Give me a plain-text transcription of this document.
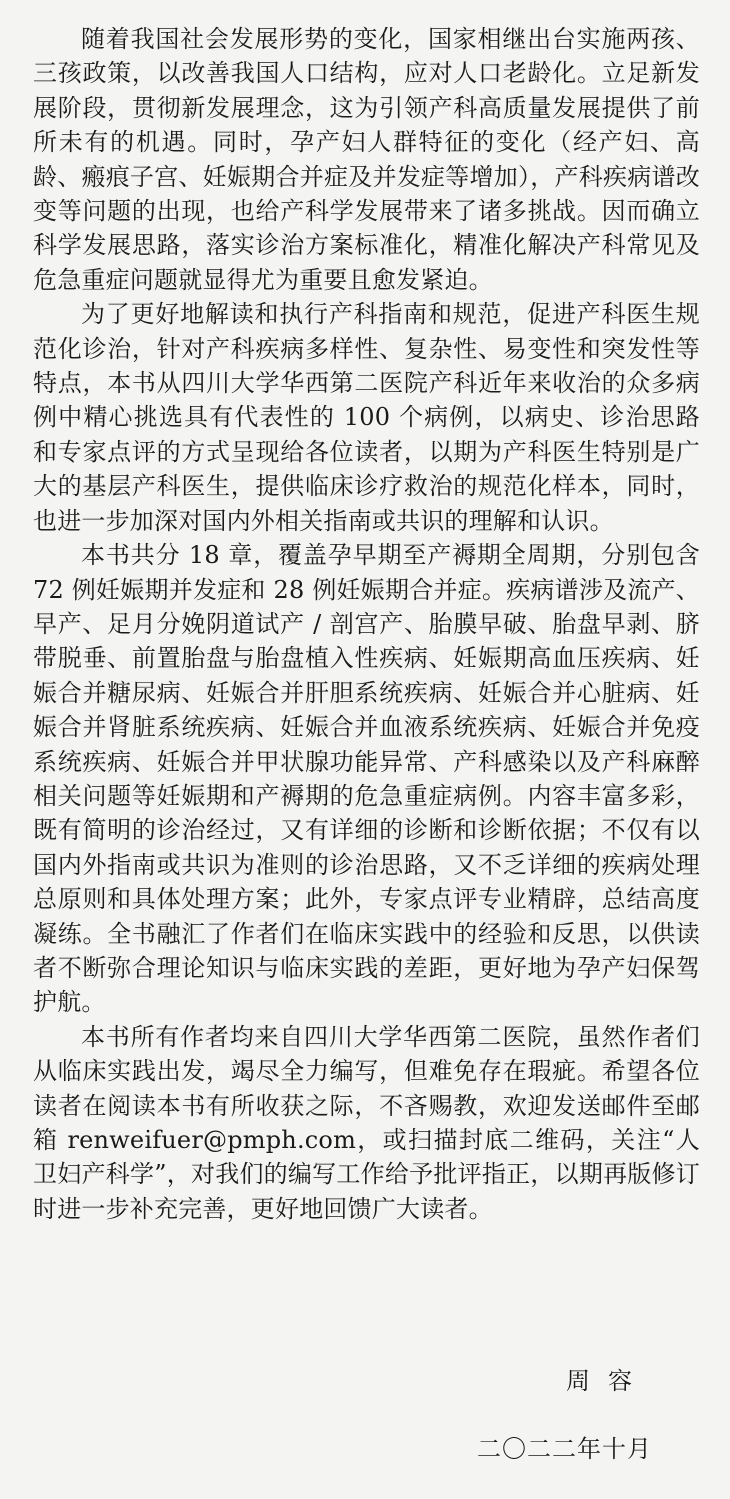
随着我国社会发展形势的变化，国家相继出台实施两孩、三孩政策，以改善我国人口结构，应对人口老龄化。立足新发展阶段，贯彻新发展理念，这为引领产科高质量发展提供了前所未有的机遇。同时，孕产妇人群特征的变化（经产妇、高龄、瘢痕子宫、妊娠期合并症及并发症等增加），产科疾病谱改变等问题的出现，也给产科学发展带来了诸多挑战。因而确立科学发展思路，落实诊治方案标准化，精准化解决产科常见及危急重症问题就显得尤为重要且愈发紧迫。

为了更好地解读和执行产科指南和规范，促进产科医生规范化诊治，针对产科疾病多样性、复杂性、易变性和突发性等特点，本书从四川大学华西第二医院产科近年来收治的众多病例中精心挑选具有代表性的 100 个病例，以病史、诊治思路和专家点评的方式呈现给各位读者，以期为产科医生特别是广大的基层产科医生，提供临床诊疗救治的规范化样本，同时，也进一步加深对国内外相关指南或共识的理解和认识。

本书共分 18 章，覆盖孕早期至产褥期全周期，分别包含 72 例妊娠期并发症和 28 例妊娠期合并症。疾病谱涉及流产、早产、足月分娩阴道试产 / 剖宫产、胎膜早破、胎盘早剥、脐带脱垂、前置胎盘与胎盘植入性疾病、妊娠期高血压疾病、妊娠合并糖尿病、妊娠合并肝胆系统疾病、妊娠合并心脏病、妊娠合并肾脏系统疾病、妊娠合并血液系统疾病、妊娠合并免疫系统疾病、妊娠合并甲状腺功能异常、产科感染以及产科麻醉相关问题等妊娠期和产褥期的危急重症病例。内容丰富多彩，既有简明的诊治经过，又有详细的诊断和诊断依据；不仅有以国内外指南或共识为准则的诊治思路，又不乏详细的疾病处理总原则和具体处理方案；此外，专家点评专业精辟，总结高度凝练。全书融汇了作者们在临床实践中的经验和反思，以供读者不断弥合理论知识与临床实践的差距，更好地为孕产妇保驾护航。

本书所有作者均来自四川大学华西第二医院，虽然作者们从临床实践出发，竭尽全力编写，但难免存在瑕疵。希望各位读者在阅读本书有所收获之际，不吝赐教，欢迎发送邮件至邮箱 renweifuer@pmph.com，或扫描封底二维码，关注“人卫妇产科学”，对我们的编写工作给予批评指正，以期再版修订时进一步补充完善，更好地回馈广大读者。

周容
二〇二二年十月
